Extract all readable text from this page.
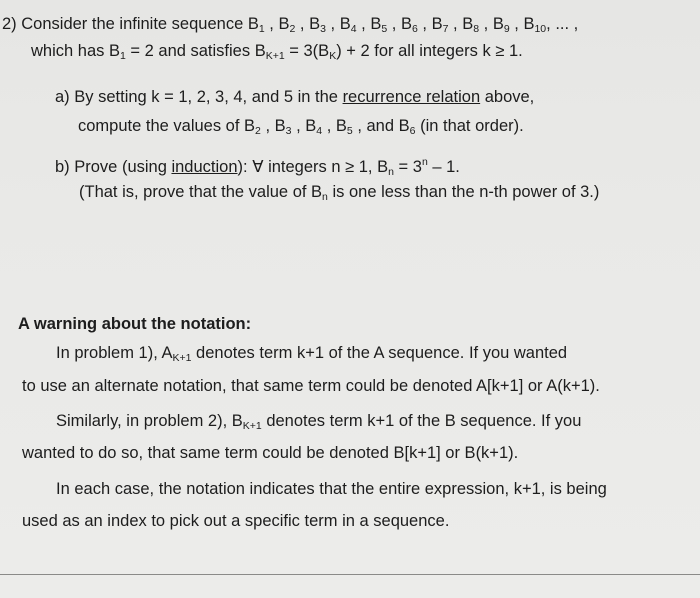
2) Consider the infinite sequence $B_1$ , $B_2$ , $B_3$ , $B_4$ , $B_5$ , $B_6$ , $B_7$ , $B_8$ , $B_9$ , $B_{10}$, ... ,
which has $B_1 = 2$ and satisfies $B_{K+1} = 3(B_K) + 2$ for all integers k ≥ 1.
a) By setting k = 1, 2, 3, 4, and 5 in the recurrence relation above,
compute the values of $B_2$ , $B_3$ , $B_4$ , $B_5$ , and $B_6$ (in that order).
b) Prove (using induction): ∀ integers n ≥ 1, $B_n = 3^n - 1$.
(That is, prove that the value of $B_n$ is one less than the n-th power of 3.)
A warning about the notation:
In problem 1), $A_{K+1}$ denotes term k+1 of the A sequence. If you wanted
to use an alternate notation, that same term could be denoted A[k+1] or A(k+1).
Similarly, in problem 2), $B_{K+1}$ denotes term k+1 of the B sequence. If you
wanted to do so, that same term could be denoted B[k+1] or B(k+1).
In each case, the notation indicates that the entire expression, k+1, is being
used as an index to pick out a specific term in a sequence.
